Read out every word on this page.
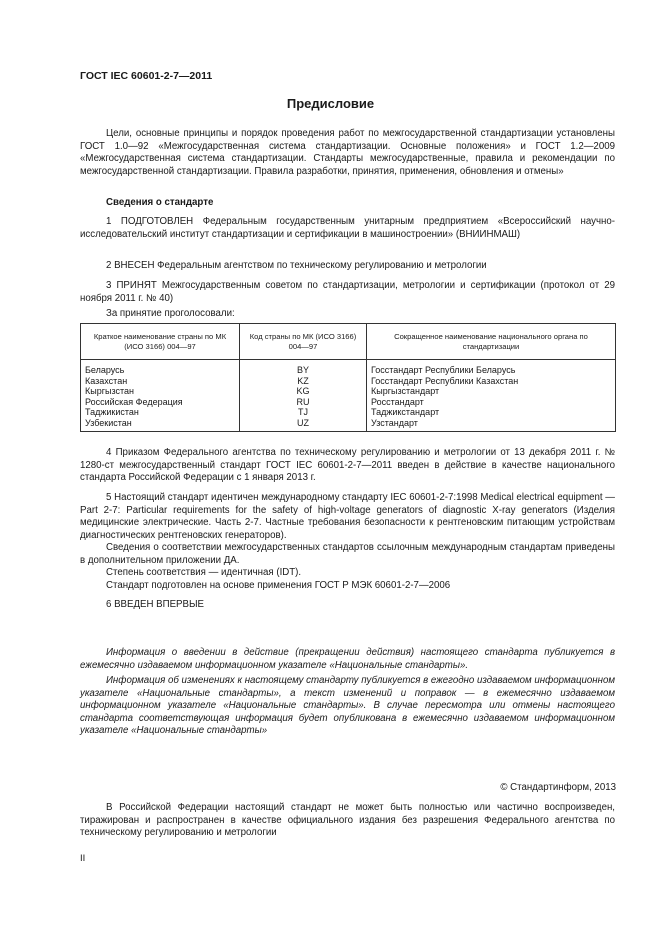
ГОСТ IEC 60601-2-7—2011
Предисловие
Цели, основные принципы и порядок проведения работ по межгосударственной стандартизации установлены ГОСТ 1.0—92 «Межгосударственная система стандартизации. Основные положения» и ГОСТ 1.2—2009 «Межгосударственная система стандартизации. Стандарты межгосударственные, правила и рекомендации по межгосударственной стандартизации. Правила разработки, принятия, применения, обновления и отмены»
Сведения о стандарте
1 ПОДГОТОВЛЕН Федеральным государственным унитарным предприятием «Всероссийский научно-исследовательский институт стандартизации и сертификации в машиностроении» (ВНИИНМАШ)
2 ВНЕСЕН Федеральным агентством по техническому регулированию и метрологии
3 ПРИНЯТ Межгосударственным советом по стандартизации, метрологии и сертификации (протокол от 29 ноября 2011 г. № 40)
За принятие проголосовали:
Краткое наименование страны по МК (ИСО 3166) 004—97	Код страны по МК (ИСО 3166) 004—97	Сокращенное наименование национального органа по стандартизации
Беларусь	BY	Госстандарт Республики Беларусь
Казахстан	KZ	Госстандарт Республики Казахстан
Кыргызстан	KG	Кыргызстандарт
Российская Федерация	RU	Росстандарт
Таджикистан	TJ	Таджикстандарт
Узбекистан	UZ	Узстандарт
4 Приказом Федерального агентства по техническому регулированию и метрологии от 13 декабря 2011 г. № 1280-ст межгосударственный стандарт ГОСТ IEC 60601-2-7—2011 введен в действие в качестве национального стандарта Российской Федерации с 1 января 2013 г.
5 Настоящий стандарт идентичен международному стандарту IEC 60601-2-7:1998 Medical electrical equipment — Part 2-7: Particular requirements for the safety of high-voltage generators of diagnostic X-ray generators (Изделия медицинские электрические. Часть 2-7. Частные требования безопасности к рентгеновским питающим устройствам диагностических рентгеновских генераторов).
Сведения о соответствии межгосударственных стандартов ссылочным международным стандартам приведены в дополнительном приложении ДА.
Степень соответствия — идентичная (IDT).
Стандарт подготовлен на основе применения ГОСТ Р МЭК 60601-2-7—2006
6 ВВЕДЕН ВПЕРВЫЕ
Информация о введении в действие (прекращении действия) настоящего стандарта публикуется в ежемесячно издаваемом информационном указателе «Национальные стандарты».
Информация об изменениях к настоящему стандарту публикуется в ежегодно издаваемом информационном указателе «Национальные стандарты», а текст изменений и поправок — в ежемесячно издаваемом информационном указателе «Национальные стандарты». В случае пересмотра или отмены настоящего стандарта соответствующая информация будет опубликована в ежемесячно издаваемом информационном указателе «Национальные стандарты»
© Стандартинформ, 2013
В Российской Федерации настоящий стандарт не может быть полностью или частично воспроизведен, тиражирован и распространен в качестве официального издания без разрешения Федерального агентства по техническому регулированию и метрологии
II
